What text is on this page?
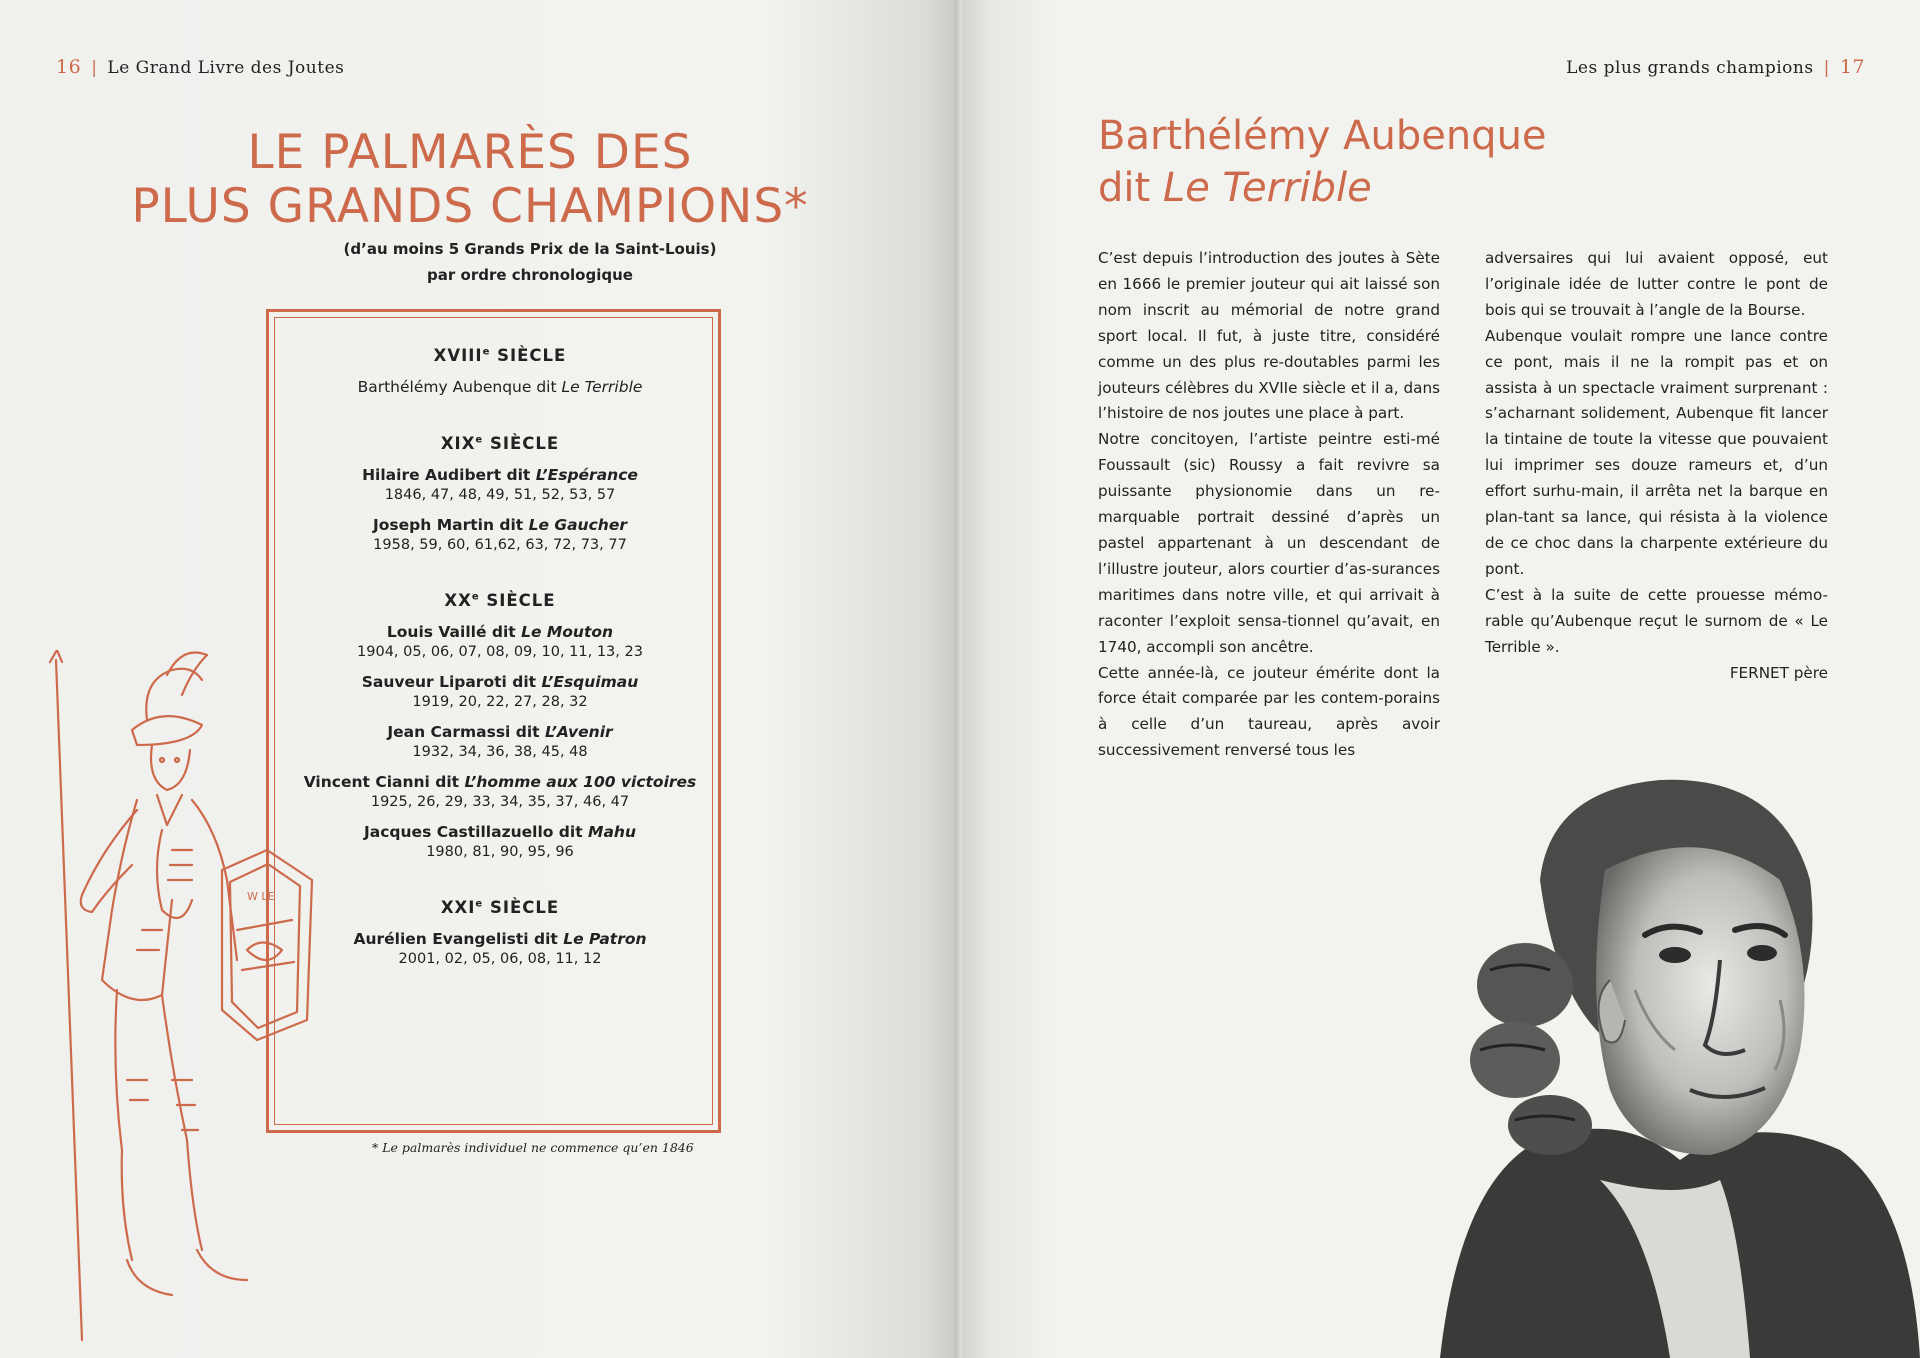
16 | Le Grand Livre des Joutes
LE PALMARÈS DES
PLUS GRANDS CHAMPIONS*
(d’au moins 5 Grands Prix de la Saint-Louis)
par ordre chronologique
W LE
XVIIIe SIÈCLE
Barthélémy Aubenque dit Le Terrible
XIXe SIÈCLE
Hilaire Audibert dit L’Espérance
1846, 47, 48, 49, 51, 52, 53, 57
Joseph Martin dit Le Gaucher
1958, 59, 60, 61,62, 63, 72, 73, 77
XXe SIÈCLE
Louis Vaillé dit Le Mouton
1904, 05, 06, 07, 08, 09, 10, 11, 13, 23
Sauveur Liparoti dit L’Esquimau
1919, 20, 22, 27, 28, 32
Jean Carmassi dit L’Avenir
1932, 34, 36, 38, 45, 48
Vincent Cianni dit L’homme aux 100 victoires
1925, 26, 29, 33, 34, 35, 37, 46, 47
Jacques Castillazuello dit Mahu
1980, 81, 90, 95, 96
XXIe SIÈCLE
Aurélien Evangelisti dit Le Patron
2001, 02, 05, 06, 08, 11, 12
* Le palmarès individuel ne commence qu’en 1846
Les plus grands champions | 17
Barthélémy Aubenque
dit Le Terrible

C’est depuis l’introduction des joutes à Sète en 1666 le premier jouteur qui ait laissé son nom inscrit au mémorial de notre grand sport local. Il fut, à juste titre, considéré comme un des plus re-doutables parmi les jouteurs célèbres du XVIIe siècle et il a, dans l’histoire de nos joutes une place à part.

Notre concitoyen, l’artiste peintre esti-mé Foussault (sic) Roussy a fait revivre sa puissante physionomie dans un re-marquable portrait dessiné d’après un pastel appartenant à un descendant de l’illustre jouteur, alors courtier d’as-surances maritimes dans notre ville, et qui arrivait à raconter l’exploit sensa-tionnel qu’avait, en 1740, accompli son ancêtre.

Cette année-là, ce jouteur émérite dont la force était comparée par les contem-porains à celle d’un taureau, après avoir successivement renversé tous les

adversaires qui lui avaient opposé, eut l’originale idée de lutter contre le pont de bois qui se trouvait à l’angle de la Bourse.

Aubenque voulait rompre une lance contre ce pont, mais il ne la rompit pas et on assista à un spectacle vraiment surprenant : s’acharnant solidement, Aubenque fit lancer la tintaine de toute la vitesse que pouvaient lui imprimer ses douze rameurs et, d’un effort surhu-main, il arrêta net la barque en plan-tant sa lance, qui résista à la violence de ce choc dans la charpente extérieure du pont.

C’est à la suite de cette prouesse mémo-rable qu’Aubenque reçut le surnom de « Le Terrible ».

FERNET père
